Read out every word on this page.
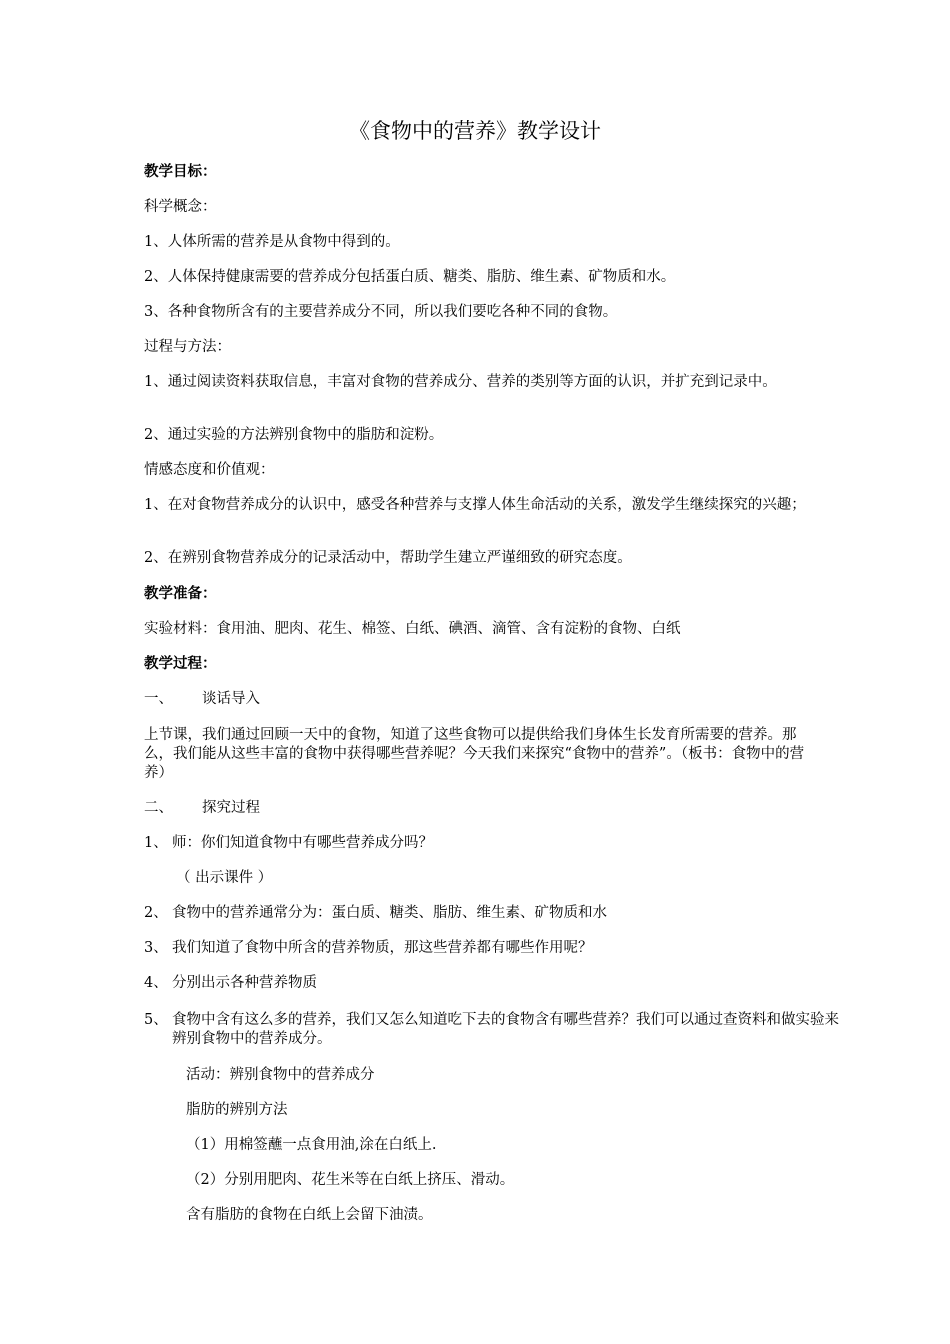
《食物中的营养》教学设计

教学目标：

科学概念：

1、人体所需的营养是从食物中得到的。

2、人体保持健康需要的营养成分包括蛋白质、糖类、脂肪、维生素、矿物质和水。

3、各种食物所含有的主要营养成分不同，所以我们要吃各种不同的食物。

过程与方法：

1、通过阅读资料获取信息，丰富对食物的营养成分、营养的类别等方面的认识，并扩充到记录中。

2、通过实验的方法辨别食物中的脂肪和淀粉。

情感态度和价值观：

1、在对食物营养成分的认识中，感受各种营养与支撑人体生命活动的关系，激发学生继续探究的兴趣；

2、在辨别食物营养成分的记录活动中，帮助学生建立严谨细致的研究态度。

教学准备：

实验材料：食用油、肥肉、花生、棉签、白纸、碘酒、滴管、含有淀粉的食物、白纸

教学过程：

一、 谈话导入

上节课，我们通过回顾一天中的食物，知道了这些食物可以提供给我们身体生长发育所需要的营养。那么，我们能从这些丰富的食物中获得哪些营养呢？今天我们来探究“食物中的营养”。（板书：食物中的营养）

二、 探究过程

1、 师：你们知道食物中有哪些营养成分吗？

（ 出示课件 ）

2、 食物中的营养通常分为：蛋白质、糖类、脂肪、维生素、矿物质和水

3、 我们知道了食物中所含的营养物质，那这些营养都有哪些作用呢？

4、 分别出示各种营养物质

5、 食物中含有这么多的营养，我们又怎么知道吃下去的食物含有哪些营养？我们可以通过查资料和做实验来辨别食物中的营养成分。

活动：辨别食物中的营养成分

脂肪的辨别方法

（1）用棉签蘸一点食用油,涂在白纸上.

（2）分别用肥肉、花生米等在白纸上挤压、滑动。

含有脂肪的食物在白纸上会留下油渍。
